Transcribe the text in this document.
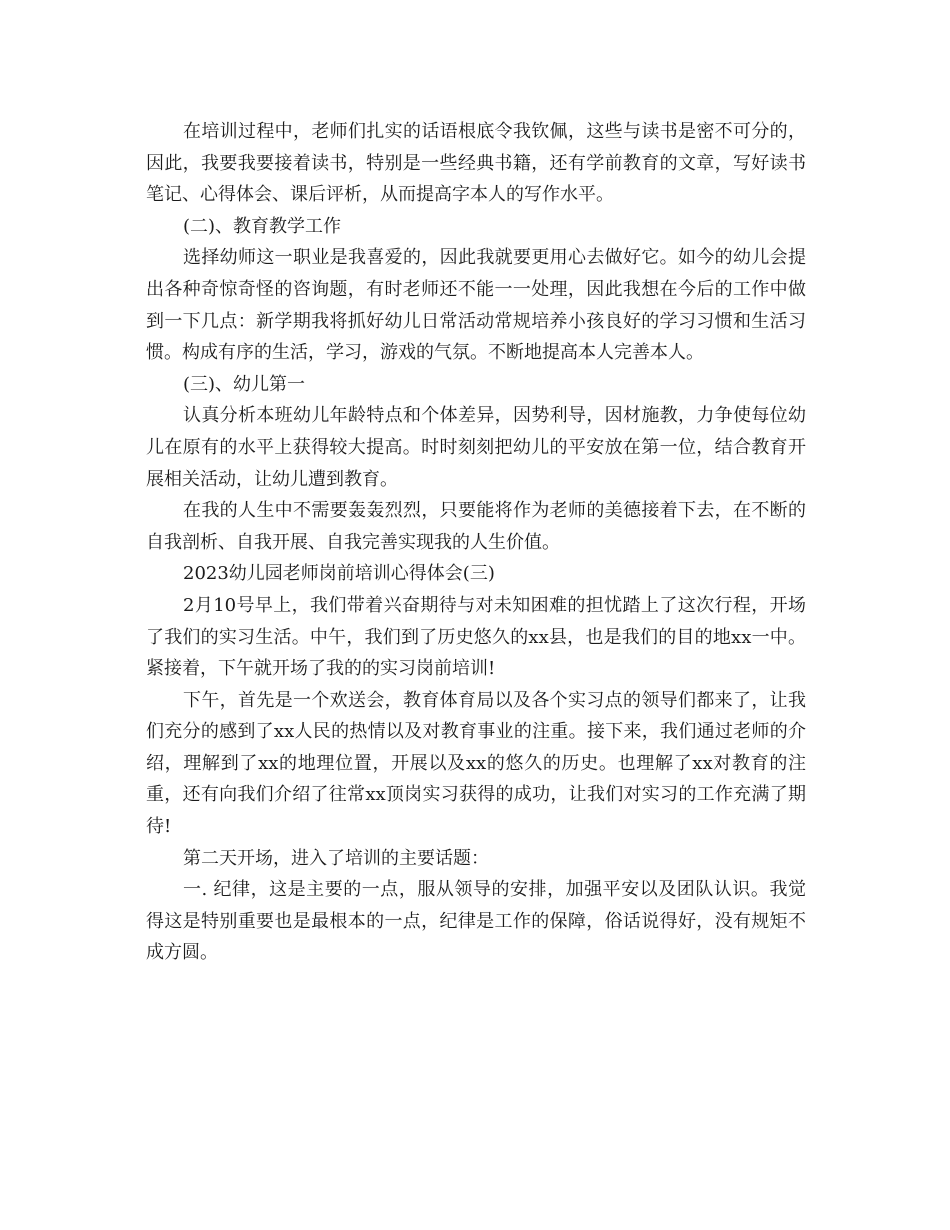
在培训过程中，老师们扎实的话语根底令我钦佩，这些与读书是密不可分的，因此，我要我要接着读书，特别是一些经典书籍，还有学前教育的文章，写好读书笔记、心得体会、课后评析，从而提高字本人的写作水平。

(二)、教育教学工作

选择幼师这一职业是我喜爱的，因此我就要更用心去做好它。如今的幼儿会提出各种奇惊奇怪的咨询题，有时老师还不能一一处理，因此我想在今后的工作中做到一下几点：新学期我将抓好幼儿日常活动常规培养小孩良好的学习习惯和生活习惯。构成有序的生活，学习，游戏的气氛。不断地提高本人完善本人。

(三)、幼儿第一

认真分析本班幼儿年龄特点和个体差异，因势利导，因材施教，力争使每位幼儿在原有的水平上获得较大提高。时时刻刻把幼儿的平安放在第一位，结合教育开展相关活动，让幼儿遭到教育。

在我的人生中不需要轰轰烈烈，只要能将作为老师的美德接着下去，在不断的自我剖析、自我开展、自我完善实现我的人生价值。

2023幼儿园老师岗前培训心得体会(三)

2月10号早上，我们带着兴奋期待与对未知困难的担忧踏上了这次行程，开场了我们的实习生活。中午，我们到了历史悠久的xx县，也是我们的目的地xx一中。紧接着，下午就开场了我的的实习岗前培训!

下午，首先是一个欢送会，教育体育局以及各个实习点的领导们都来了，让我们充分的感到了xx人民的热情以及对教育事业的注重。接下来，我们通过老师的介绍，理解到了xx的地理位置，开展以及xx的悠久的历史。也理解了xx对教育的注重，还有向我们介绍了往常xx顶岗实习获得的成功，让我们对实习的工作充满了期待!

第二天开场，进入了培训的主要话题：

一. 纪律，这是主要的一点，服从领导的安排，加强平安以及团队认识。我觉得这是特别重要也是最根本的一点，纪律是工作的保障，俗话说得好，没有规矩不成方圆。
